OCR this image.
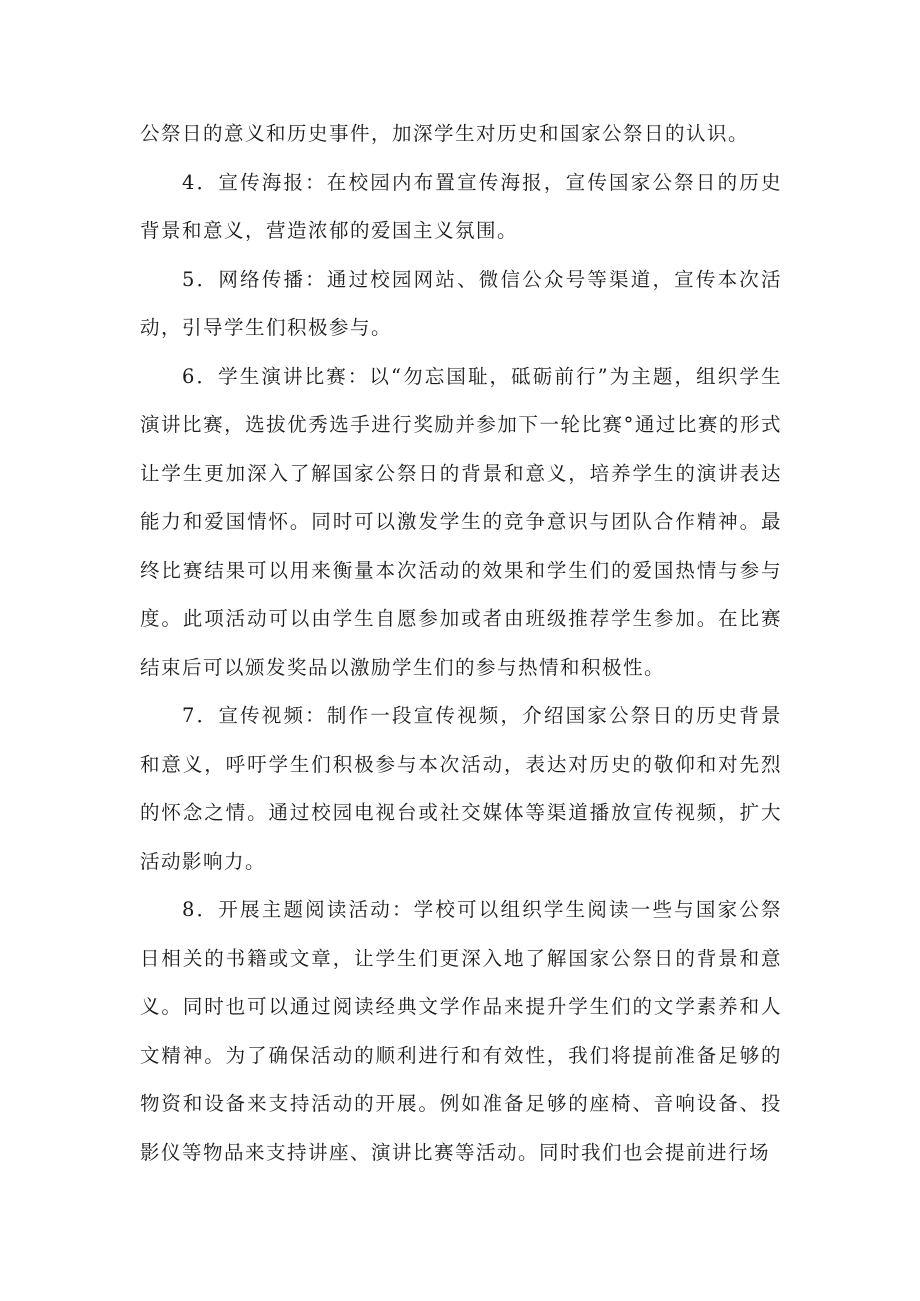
公祭日的意义和历史事件，加深学生对历史和国家公祭日的认识。

4．宣传海报：在校园内布置宣传海报，宣传国家公祭日的历史背景和意义，营造浓郁的爱国主义氛围。

5．网络传播：通过校园网站、微信公众号等渠道，宣传本次活动，引导学生们积极参与。

6．学生演讲比赛：以“勿忘国耻，砥砺前行”为主题，组织学生演讲比赛，选拔优秀选手进行奖励并参加下一轮比赛°通过比赛的形式让学生更加深入了解国家公祭日的背景和意义，培养学生的演讲表达能力和爱国情怀。同时可以激发学生的竞争意识与团队合作精神。最终比赛结果可以用来衡量本次活动的效果和学生们的爱国热情与参与度。此项活动可以由学生自愿参加或者由班级推荐学生参加。在比赛结束后可以颁发奖品以激励学生们的参与热情和积极性。

7．宣传视频：制作一段宣传视频，介绍国家公祭日的历史背景和意义，呼吁学生们积极参与本次活动，表达对历史的敬仰和对先烈的怀念之情。通过校园电视台或社交媒体等渠道播放宣传视频，扩大活动影响力。

8．开展主题阅读活动：学校可以组织学生阅读一些与国家公祭日相关的书籍或文章，让学生们更深入地了解国家公祭日的背景和意义。同时也可以通过阅读经典文学作品来提升学生们的文学素养和人文精神。为了确保活动的顺利进行和有效性，我们将提前准备足够的物资和设备来支持活动的开展。例如准备足够的座椅、音响设备、投影仪等物品来支持讲座、演讲比赛等活动。同时我们也会提前进行场
